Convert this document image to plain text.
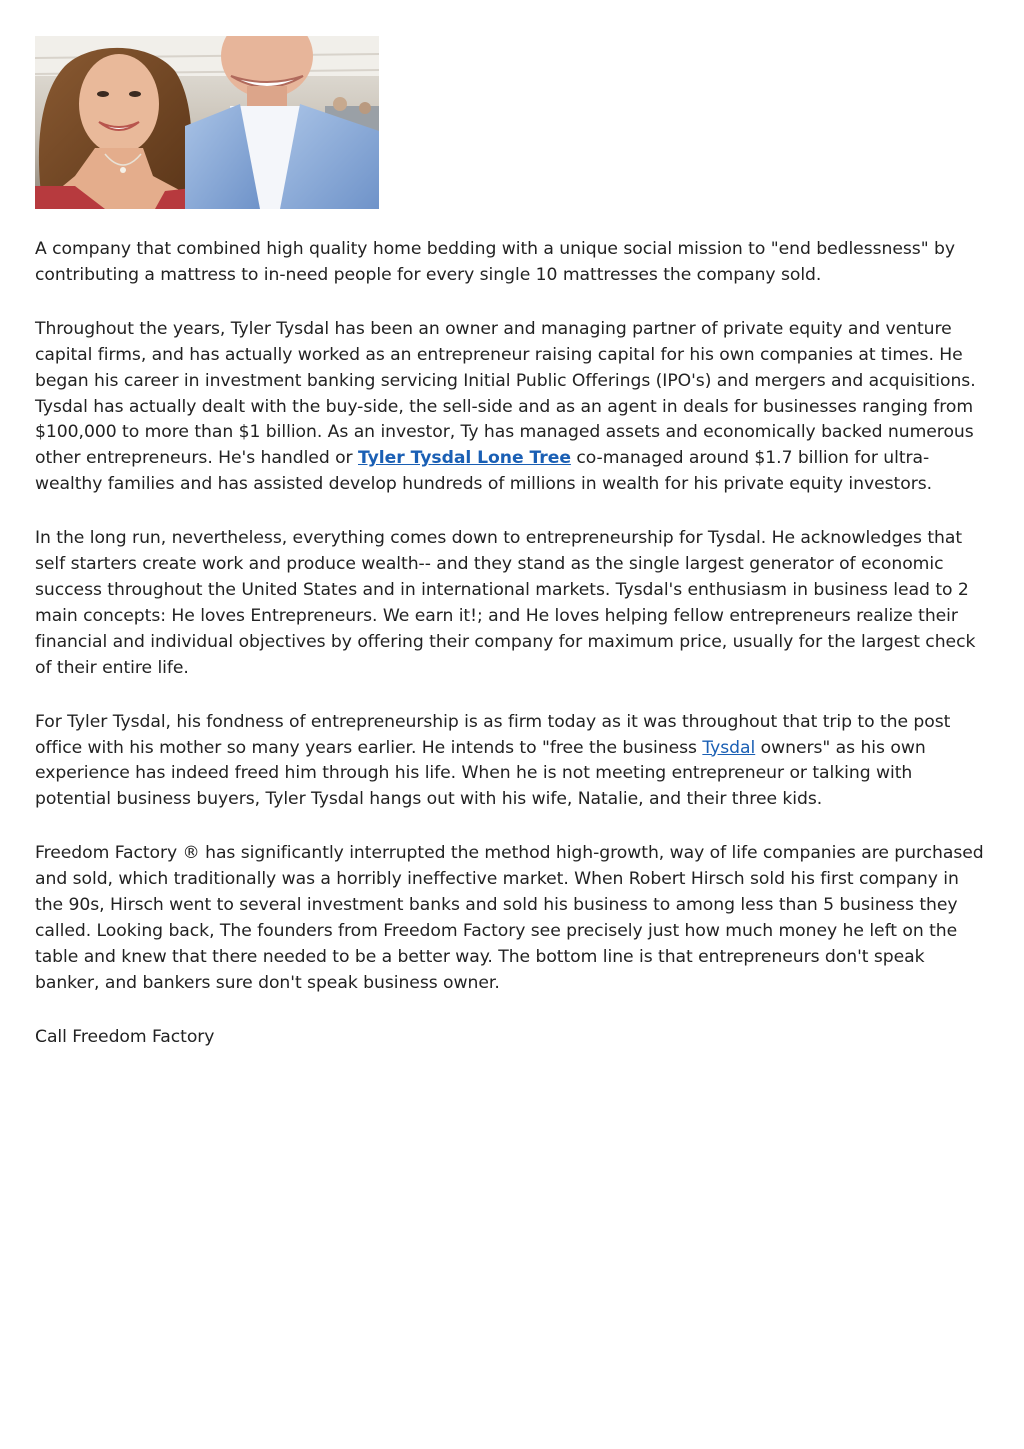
A company that combined high quality home bedding with a unique social mission to "end bedlessness" by contributing a mattress to in-need people for every single 10 mattresses the company sold.

Throughout the years, Tyler Tysdal has been an owner and managing partner of private equity and venture capital firms, and has actually worked as an entrepreneur raising capital for his own companies at times. He began his career in investment banking servicing Initial Public Offerings (IPO's) and mergers and acquisitions. Tysdal has actually dealt with the buy-side, the sell-side and as an agent in deals for businesses ranging from $100,000 to more than $1 billion. As an investor, Ty has managed assets and economically backed numerous other entrepreneurs. He's handled or Tyler Tysdal Lone Tree co-managed around $1.7 billion for ultra-wealthy families and has assisted develop hundreds of millions in wealth for his private equity investors.

In the long run, nevertheless, everything comes down to entrepreneurship for Tysdal. He acknowledges that self starters create work and produce wealth-- and they stand as the single largest generator of economic success throughout the United States and in international markets. Tysdal's enthusiasm in business lead to 2 main concepts: He loves Entrepreneurs. We earn it!; and He loves helping fellow entrepreneurs realize their financial and individual objectives by offering their company for maximum price, usually for the largest check of their entire life.

For Tyler Tysdal, his fondness of entrepreneurship is as firm today as it was throughout that trip to the post office with his mother so many years earlier. He intends to "free the business Tysdal owners" as his own experience has indeed freed him through his life. When he is not meeting entrepreneur or talking with potential business buyers, Tyler Tysdal hangs out with his wife, Natalie, and their three kids.

Freedom Factory ® has significantly interrupted the method high-growth, way of life companies are purchased and sold, which traditionally was a horribly ineffective market. When Robert Hirsch sold his first company in the 90s, Hirsch went to several investment banks and sold his business to among less than 5 business they called. Looking back, The founders from Freedom Factory see precisely just how much money he left on the table and knew that there needed to be a better way. The bottom line is that entrepreneurs don't speak banker, and bankers sure don't speak business owner.

Call Freedom Factory
